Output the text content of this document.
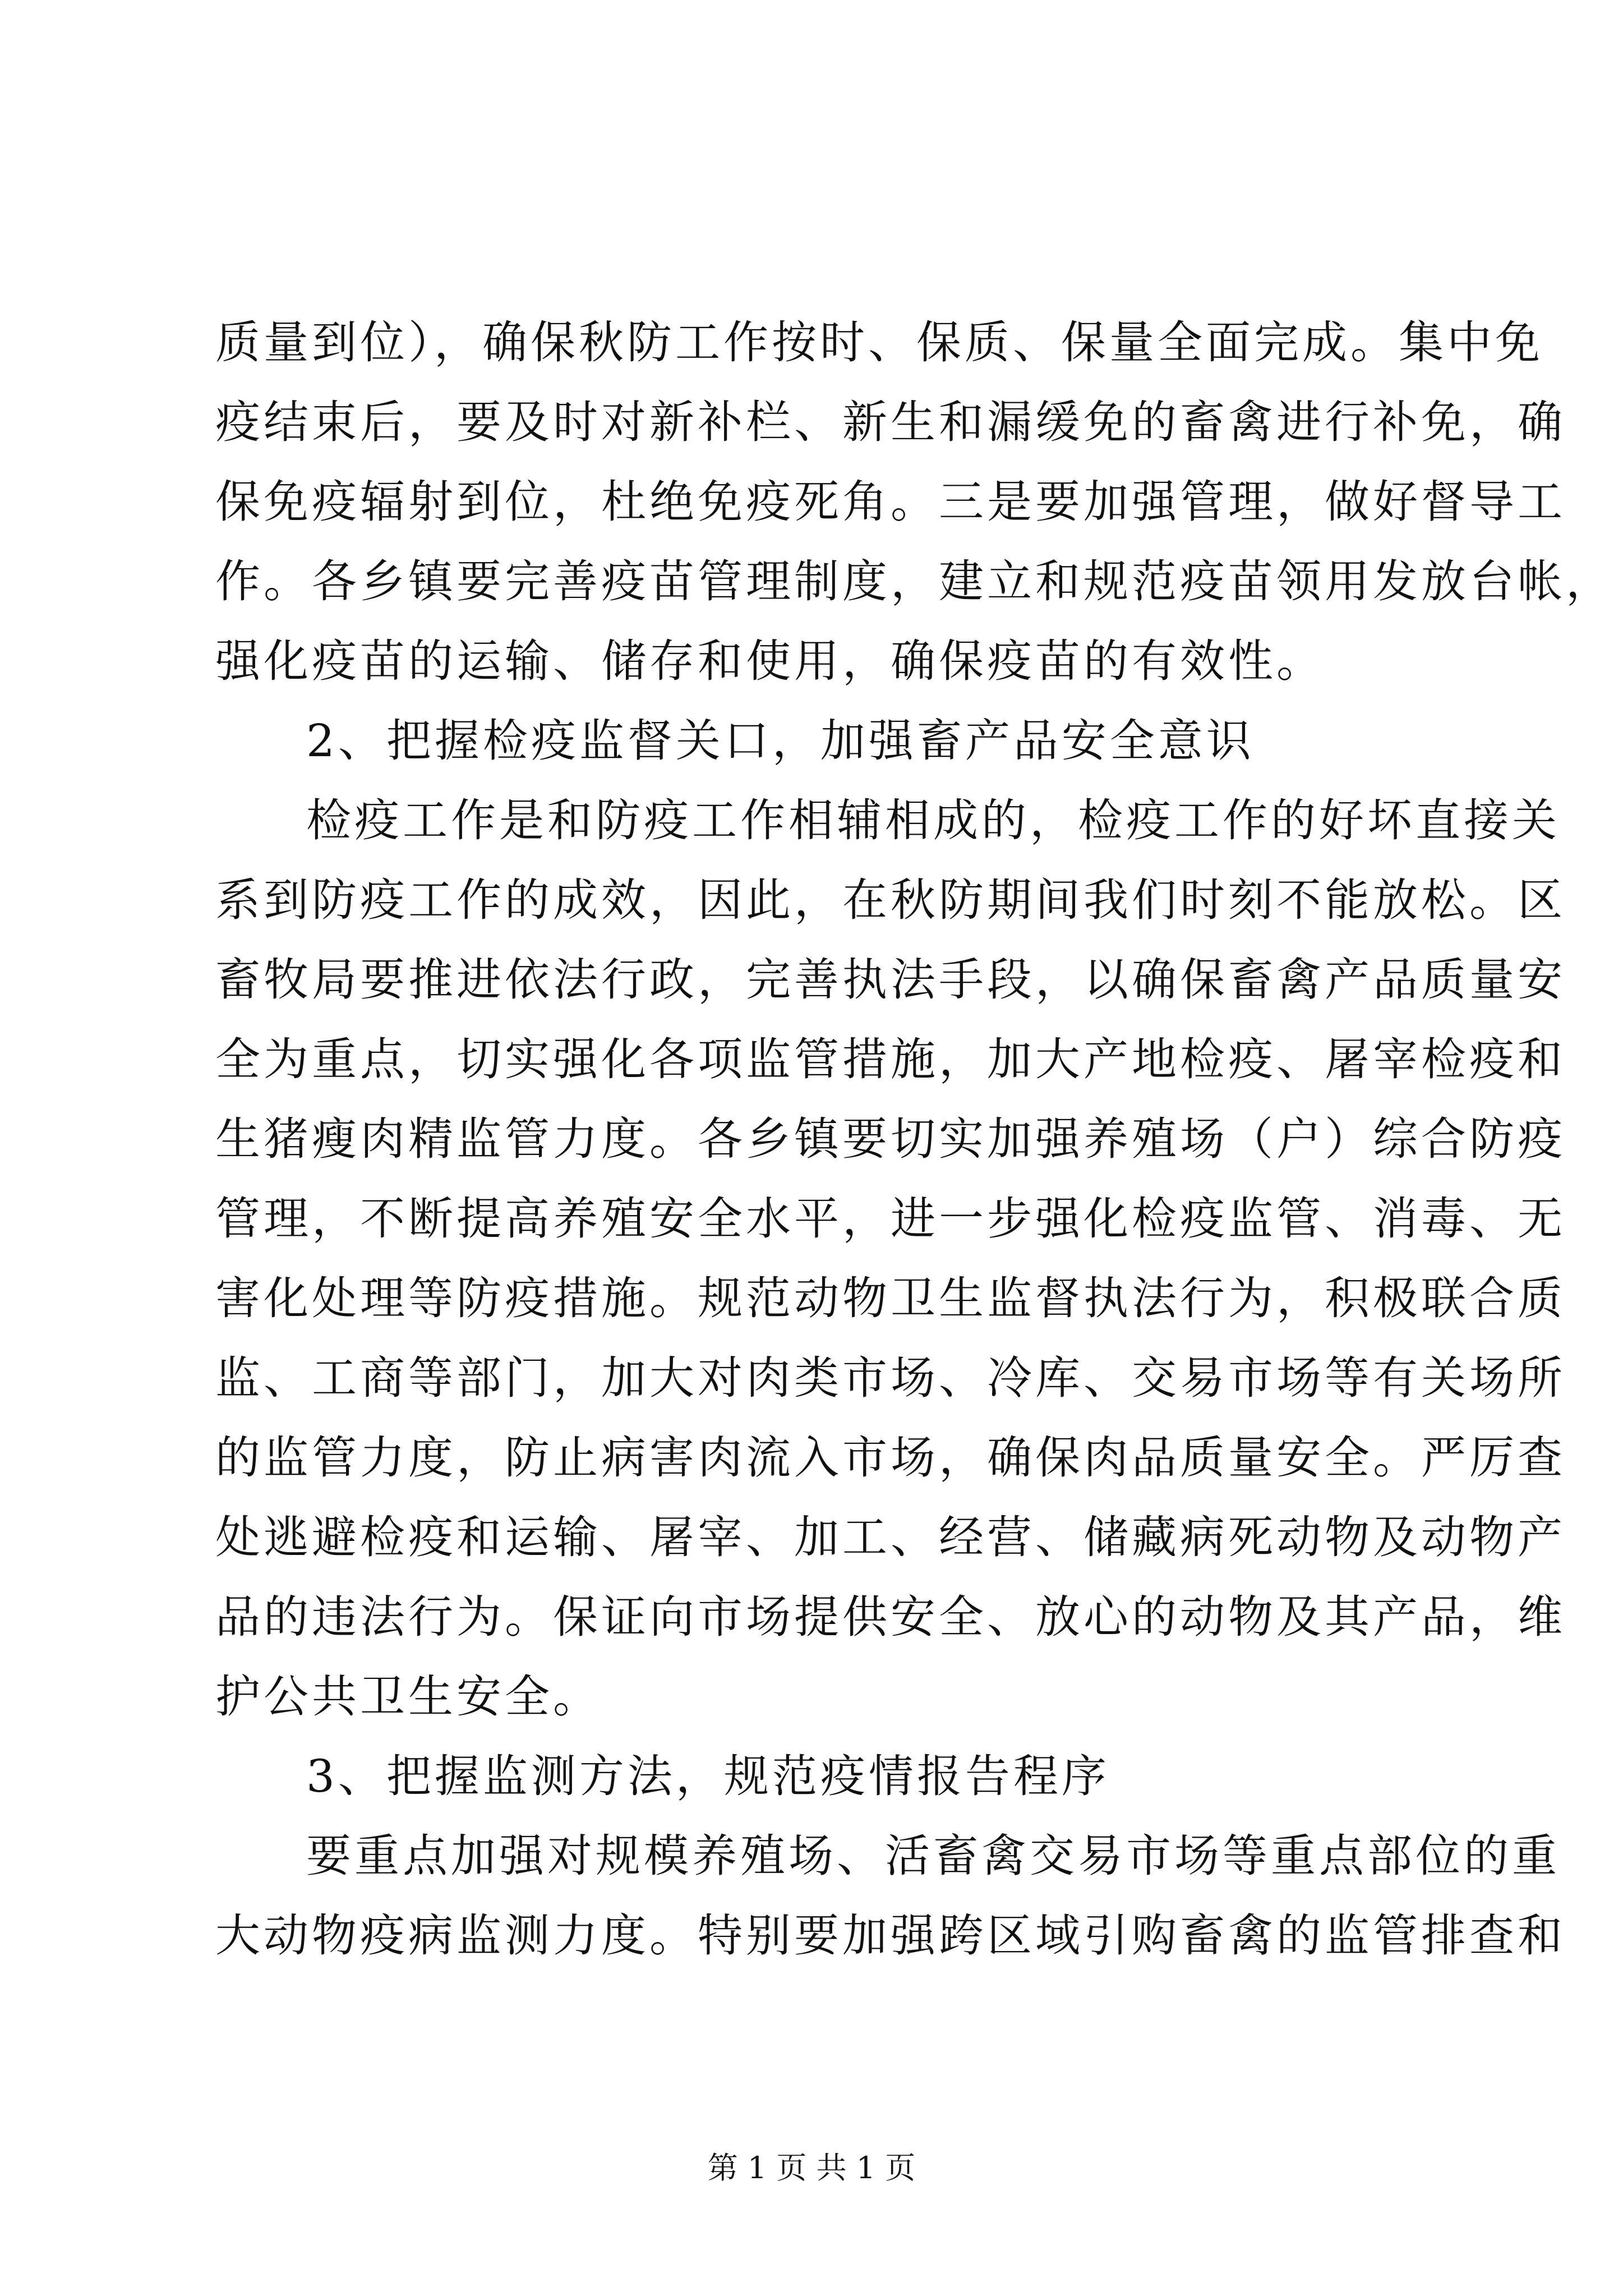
质量到位），确保秋防工作按时、保质、保量全面完成。集中免

疫结束后，要及时对新补栏、新生和漏缓免的畜禽进行补免，确

保免疫辐射到位，杜绝免疫死角。三是要加强管理，做好督导工

作。各乡镇要完善疫苗管理制度，建立和规范疫苗领用发放台帐，

强化疫苗的运输、储存和使用，确保疫苗的有效性。

2、把握检疫监督关口，加强畜产品安全意识

检疫工作是和防疫工作相辅相成的，检疫工作的好坏直接关

系到防疫工作的成效，因此，在秋防期间我们时刻不能放松。区

畜牧局要推进依法行政，完善执法手段，以确保畜禽产品质量安

全为重点，切实强化各项监管措施，加大产地检疫、屠宰检疫和

生猪瘦肉精监管力度。各乡镇要切实加强养殖场（户）综合防疫

管理，不断提高养殖安全水平，进一步强化检疫监管、消毒、无

害化处理等防疫措施。规范动物卫生监督执法行为，积极联合质

监、工商等部门，加大对肉类市场、冷库、交易市场等有关场所

的监管力度，防止病害肉流入市场，确保肉品质量安全。严厉查

处逃避检疫和运输、屠宰、加工、经营、储藏病死动物及动物产

品的违法行为。保证向市场提供安全、放心的动物及其产品，维

护公共卫生安全。

3、把握监测方法，规范疫情报告程序

要重点加强对规模养殖场、活畜禽交易市场等重点部位的重

大动物疫病监测力度。特别要加强跨区域引购畜禽的监管排查和

第 1 页 共 1 页
